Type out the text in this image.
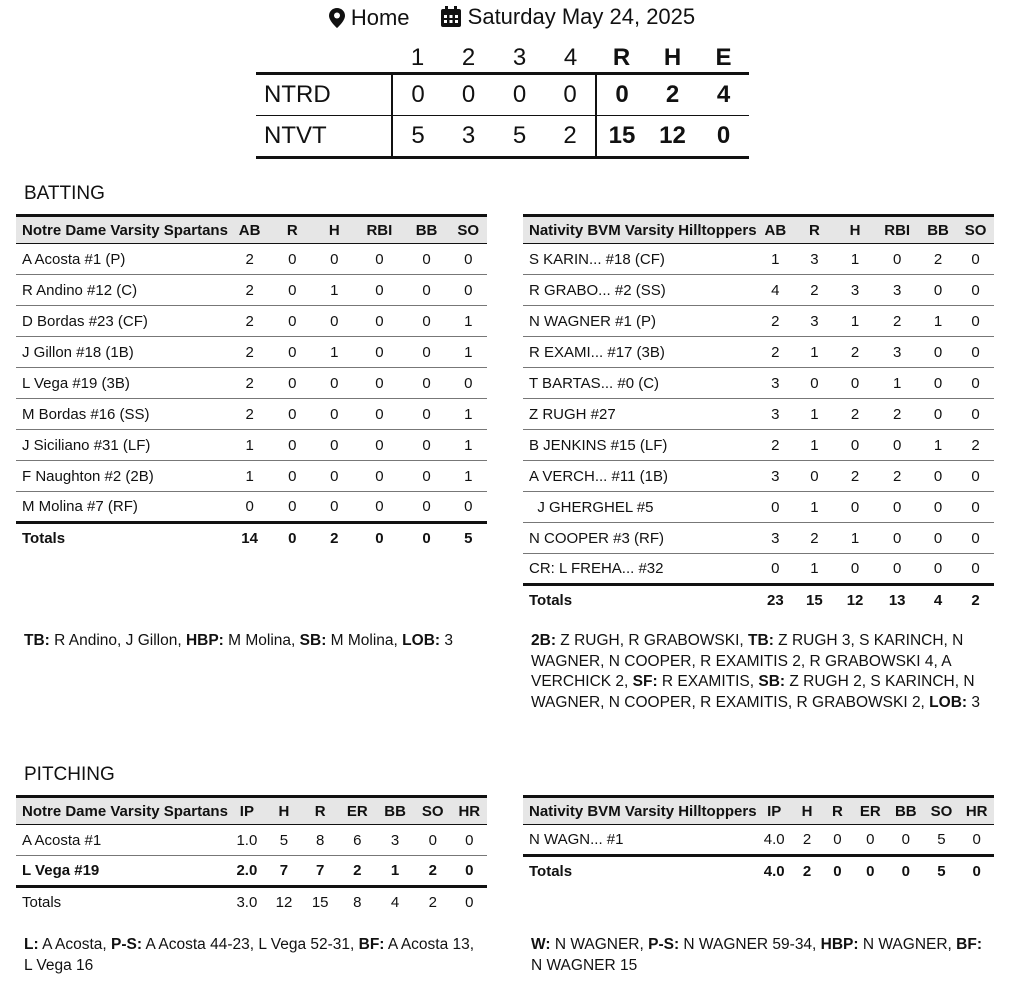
Home
	Saturday May 24, 2025
	1	2	3	4	R	H	E
NTRD	0	0	0	0	0	2	4
NTVT	5	3	5	2	15	12	0
BATTING
Notre Dame Varsity Spartans	AB	R	H	RBI	BB	SO
A Acosta #1 (P)	2	0	0	0	0	0
R Andino #12 (C)	2	0	1	0	0	0
D Bordas #23 (CF)	2	0	0	0	0	1
J Gillon #18 (1B)	2	0	1	0	0	1
L Vega #19 (3B)	2	0	0	0	0	0
M Bordas #16 (SS)	2	0	0	0	0	1
J Siciliano #31 (LF)	1	0	0	0	0	1
F Naughton #2 (2B)	1	0	0	0	0	1
M Molina #7 (RF)	0	0	0	0	0	0
Totals	14	0	2	0	0	5
Nativity BVM Varsity Hilltoppers	AB	R	H	RBI	BB	SO
S KARIN... #18 (CF)	1	3	1	0	2	0
R GRABO... #2 (SS)	4	2	3	3	0	0
N WAGNER #1 (P)	2	3	1	2	1	0
R EXAMI... #17 (3B)	2	1	2	3	0	0
T BARTAS... #0 (C)	3	0	0	1	0	0
Z RUGH #27	3	1	2	2	0	0
B JENKINS #15 (LF)	2	1	0	0	1	2
A VERCH... #11 (1B)	3	0	2	2	0	0
J GHERGHEL #5	0	1	0	0	0	0
N COOPER #3 (RF)	3	2	1	0	0	0
CR: L FREHA... #32	0	1	0	0	0	0
Totals	23	15	12	13	4	2
TB: R Andino, J Gillon, HBP: M Molina, SB: M Molina, LOB: 3	2B: Z RUGH, R GRABOWSKI, TB: Z RUGH 3, S KARINCH, N WAGNER, N COOPER, R EXAMITIS 2, R GRABOWSKI 4, A VERCHICK 2, SF: R EXAMITIS, SB: Z RUGH 2, S KARINCH, N WAGNER, N COOPER, R EXAMITIS, R GRABOWSKI 2, LOB: 3
PITCHING
Notre Dame Varsity Spartans	IP	H	R	ER	BB	SO	HR
A Acosta #1	1.0	5	8	6	3	0	0
L Vega #19	2.0	7	7	2	1	2	0
Totals	3.0	12	15	8	4	2	0
Nativity BVM Varsity Hilltoppers	IP	H	R	ER	BB	SO	HR
N WAGN... #1	4.0	2	0	0	0	5	0
Totals	4.0	2	0	0	0	5	0
L: A Acosta, P-S: A Acosta 44-23, L Vega 52-31, BF: A Acosta 13, L Vega 16
W: N WAGNER, P-S: N WAGNER 59-34, HBP: N WAGNER, BF: N WAGNER 15
